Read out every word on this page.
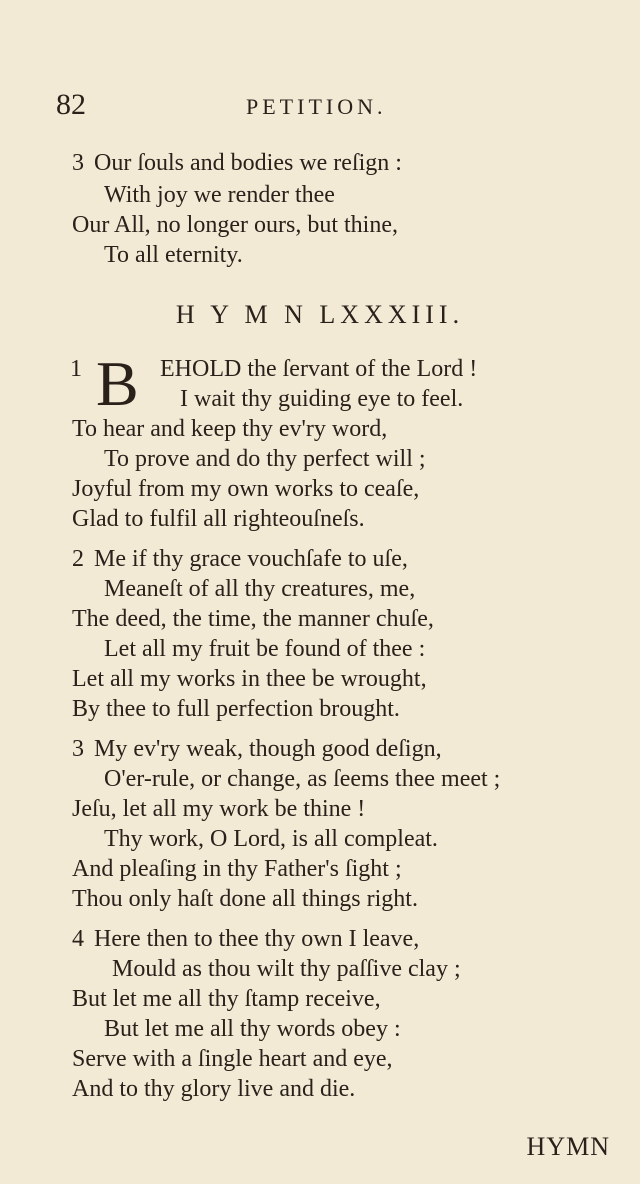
82	PETITION.
3 Our ſouls and bodies we reſign :
With joy we render thee
Our All, no longer ours, but thine,
To all eternity.
H Y M N LXXXIII.
1 B EHOLD the ſervant of the Lord !
I wait thy guiding eye to feel.
To hear and keep thy ev'ry word,
To prove and do thy perfect will ;
Joyful from my own works to ceaſe,
Glad to fulfil all righteouſneſs.
2 Me if thy grace vouchſafe to uſe,
Meaneſt of all thy creatures, me,
The deed, the time, the manner chuſe,
Let all my fruit be found of thee :
Let all my works in thee be wrought,
By thee to full perfection brought.
3 My ev'ry weak, though good deſign,
O'er-rule, or change, as ſeems thee meet ;
Jeſu, let all my work be thine !
Thy work, O Lord, is all compleat.
And pleaſing in thy Father's ſight ;
Thou only haſt done all things right.
4 Here then to thee thy own I leave,
Mould as thou wilt thy paſſive clay ;
But let me all thy ſtamp receive,
But let me all thy words obey :
Serve with a ſingle heart and eye,
And to thy glory live and die.
HYMN
